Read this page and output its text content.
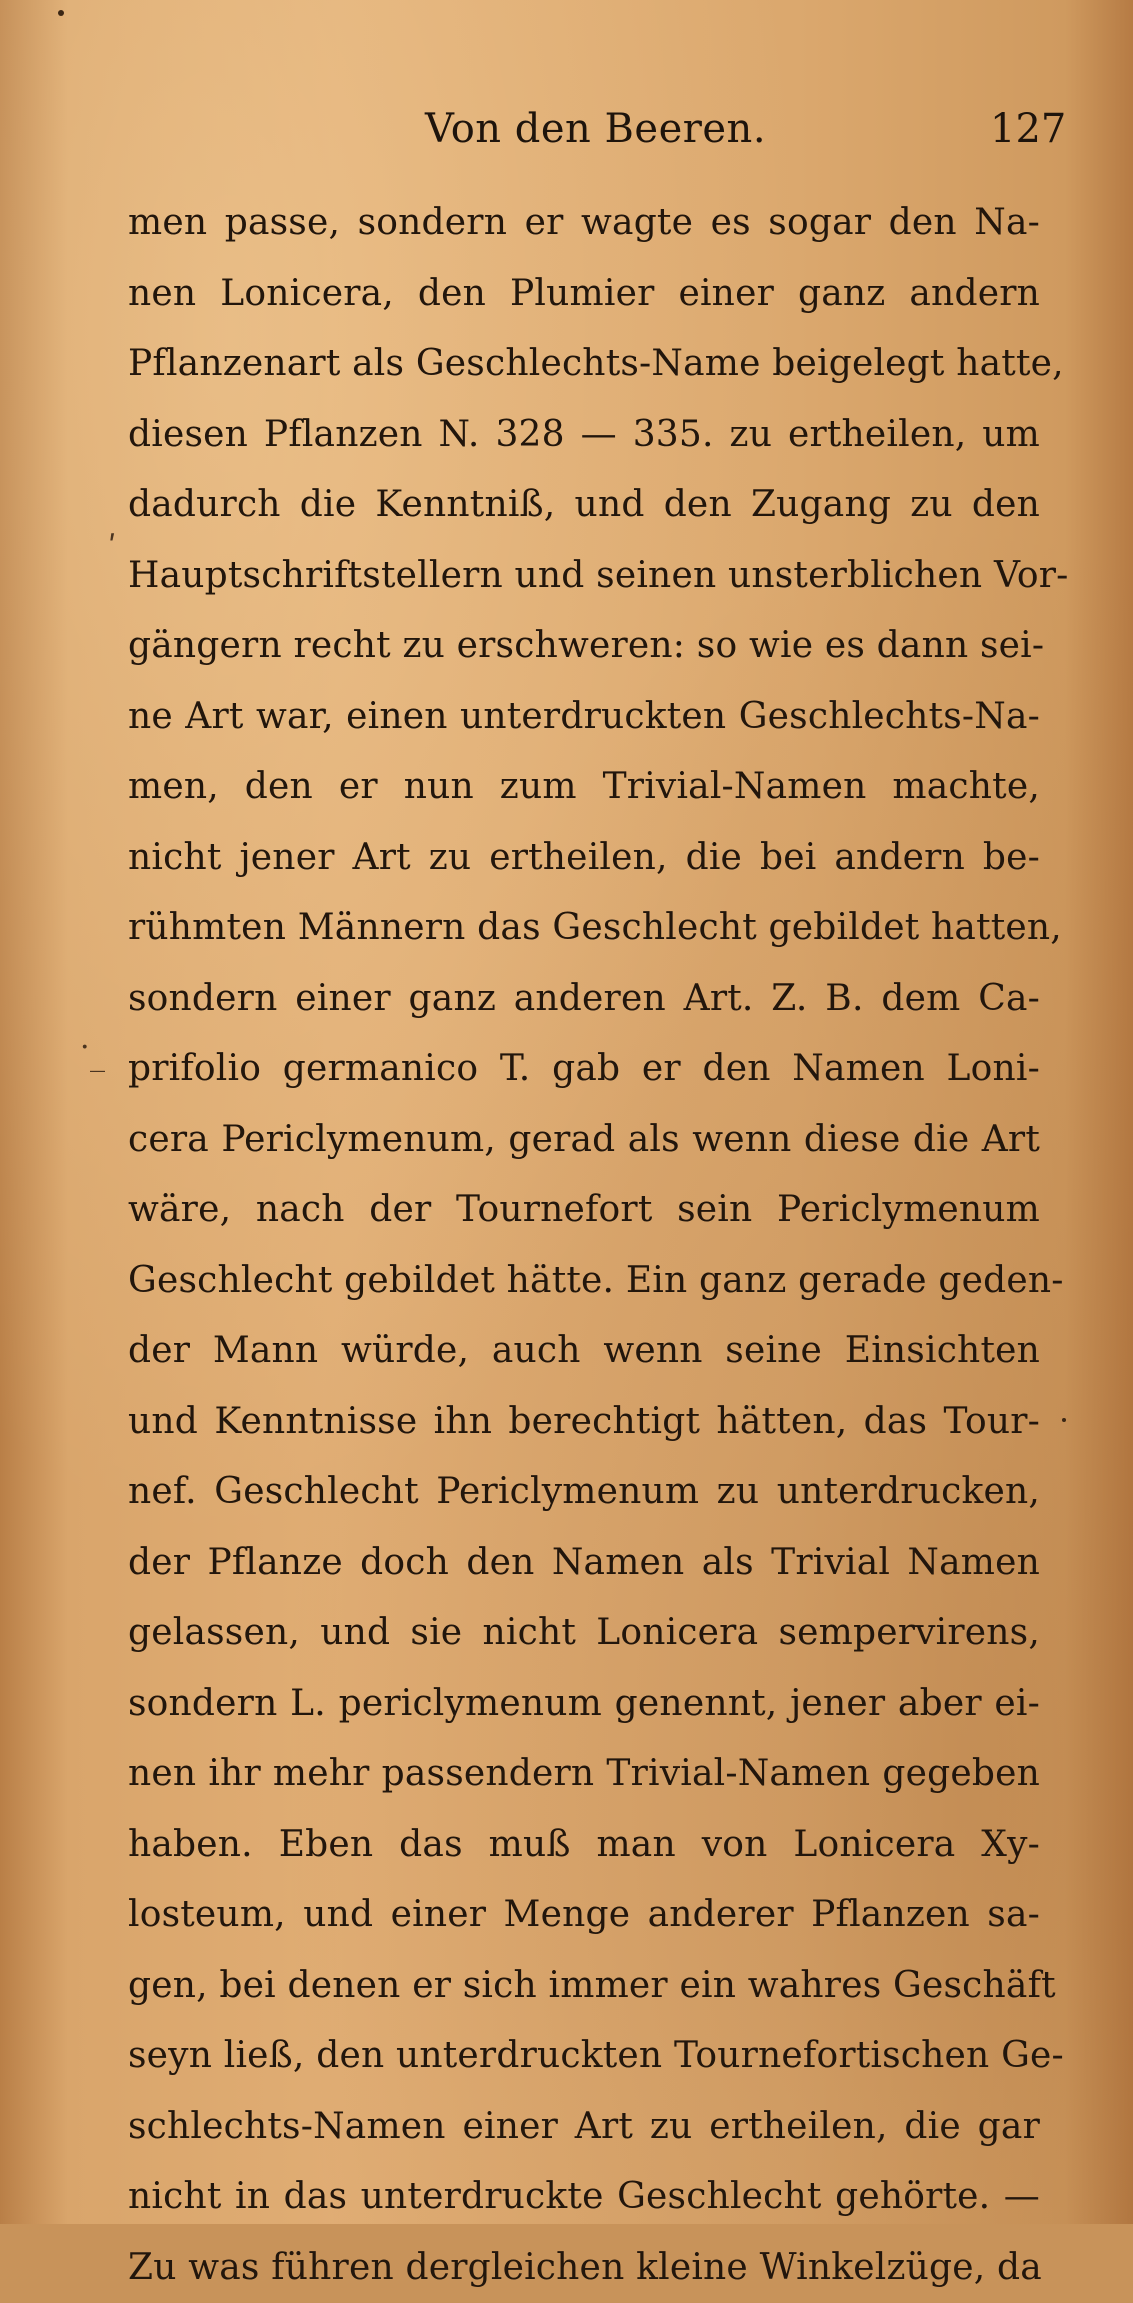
Von den Beeren.	127
ʹ
· _
men passe, sondern er wagte es sogar den Na-
nen Lonicera, den Plumier einer ganz andern
Pflanzenart als Geschlechts-Name beigelegt hatte,
diesen Pflanzen N. 328 — 335. zu ertheilen, um
dadurch die Kenntniß, und den Zugang zu den
Hauptschriftstellern und seinen unsterblichen Vor-
gängern recht zu erschweren: so wie es dann sei-
ne Art war, einen unterdruckten Geschlechts-Na-
men, den er nun zum Trivial-Namen machte,
nicht jener Art zu ertheilen, die bei andern be-
rühmten Männern das Geschlecht gebildet hatten,
sondern einer ganz anderen Art. Z. B. dem Ca-
prifolio germanico T. gab er den Namen Loni-
cera Periclymenum, gerad als wenn diese die Art
wäre, nach der Tournefort sein Periclymenum
Geschlecht gebildet hätte. Ein ganz gerade geden-
der Mann würde, auch wenn seine Einsichten
und Kenntnisse ihn berechtigt hätten, das Tour-
nef. Geschlecht Periclymenum zu unterdrucken,
der Pflanze doch den Namen als Trivial Namen
gelassen, und sie nicht Lonicera sempervirens,
sondern L. periclymenum genennt, jener aber ei-
nen ihr mehr passendern Trivial-Namen gegeben
haben. Eben das muß man von Lonicera Xy-
losteum, und einer Menge anderer Pflanzen sa-
gen, bei denen er sich immer ein wahres Geschäft
seyn ließ, den unterdruckten Tournefortischen Ge-
schlechts-Namen einer Art zu ertheilen, die gar
nicht in das unterdruckte Geschlecht gehörte. —
Zu was führen dergleichen kleine Winkelzüge, da
